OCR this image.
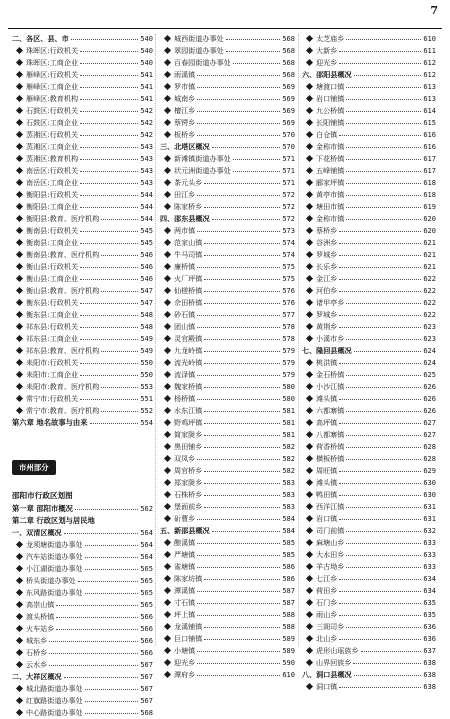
7
二、各区、县、市	540
珠晖区:行政机关	540
珠晖区:工商企业	540
雁峰区:行政机关	541
雁峰区:工商企业	541
雁峰区:教育机构	541
石鼓区:行政机关	542
石鼓区:工商企业	542
蒸湘区:行政机关	542
蒸湘区:工商企业	543
蒸湘区:教育机构	543
南岳区:行政机关	543
南岳区:工商企业	543
衡阳县:行政机关	544
衡阳县:工商企业	544
衡阳县:教育、医疗机构	544
衡南县:行政机关	545
衡南县:工商企业	545
衡南县:教育、医疗机构	546
衡山县:行政机关	546
衡山县:工商企业	546
衡山县:教育、医疗机构	547
衡东县:行政机关	547
衡东县:工商企业	548
祁东县:行政机关	548
祁东县:工商企业	549
祁东县:教育、医疗机构	549
耒阳市:行政机关	550
耒阳市:工商企业	550
耒阳市:教育、医疗机构	553
常宁市:行政机关	551
常宁市:教育、医疗机构	552
第六章 地名故事与由来	554
市州部分
邵阳市行政区划图
第一章 邵阳市概况	562
第二章 行政区划与居民地
一、双清区概况	564
龙须塘街道办事处	564
汽车站街道办事处	564
小江湖街道办事处	565
桥头街道办事处	565
东风路街道办事处	565
高崇山镇	565
渡头桥镇	566
火车站乡	566
城东乡	566
石桥乡	566
云水乡	567
二、大祥区概况	567
城北路街道办事处	567
红旗路街道办事处	567
中心路街道办事处	568
城西街道办事处	568
翠园街道办事处	568
百春园街道办事处	568
雨溪镇	568
罗市镇	569
城南乡	569
檀江乡	569
蔡锷乡	569
板桥乡	570
三、北塔区概况	570
新滩镇街道办事处	571
状元洲街道办事处	571
茶元头乡	571
田江乡	572
陈家桥乡	572
四、邵东县概况	572
两市镇	573
范家山镇	574
牛马司镇	574
廉桥镇	575
火厂坪镇	575
仙槎桥镇	576
佘田桥镇	576
砂石镇	577
团山镇	578
灵官殿镇	578
九龙岭镇	579
流光岭镇	579
流泽镇	579
魏家桥镇	580
杨桥镇	580
水东江镇	581
野鸡坪镇	581
简家陇乡	581
黑田铺乡	582
双凤乡	582
周官桥乡	582
郑家陇乡	583
石株桥乡	583
堡面前乡	583
斫曹乡	584
五、新邵县概况	584
酿溪镇	585
严塘镇	585
雀塘镇	586
陈家坊镇	586
潭溪镇	587
寸石镇	587
坪上镇	588
龙溪铺镇	588
巨口铺镇	589
小塘镇	589
迎光乡	590
潭府乡	610
太芝庙乡	610
大新乡	611
迎光乡	612
六、邵阳县概况	612
塘渡口镇	613
岩口铺镇	613
九公桥镇	614
长阳铺镇	615
白仓镇	616
金称市镇	616
下花桥镇	617
五峰铺镇	617
郦家坪镇	618
黄亭市镇	618
塘田市镇	619
金称市镇	620
蔡桥乡	620
谷洲乡	621
罗城乡	621
长乐乡	621
金江乡	622
河伯乡	622
诸甲亭乡	622
罗城乡	622
黄荆乡	623
小溪市乡	623
七、隆回县概况	624
桃洪镇	624
金石桥镇	625
小沙江镇	626
滩头镇	626
六都寨镇	626
高坪镇	627
八都寨镇	627
荷香桥镇	628
横板桥镇	628
周旺镇	629
滩头镇	630
鸭田镇	630
西洋江镇	631
岩口镇	631
司门前镇	632
麻塘山乡	633
大水田乡	633
羊古坳乡	633
七江乡	634
荷田乡	634
石门乡	635
雨山乡	635
三阁司乡	636
北山乡	636
虎形山瑶族乡	637
山界回族乡	638
八、洞口县概况	638
洞口镇	638
